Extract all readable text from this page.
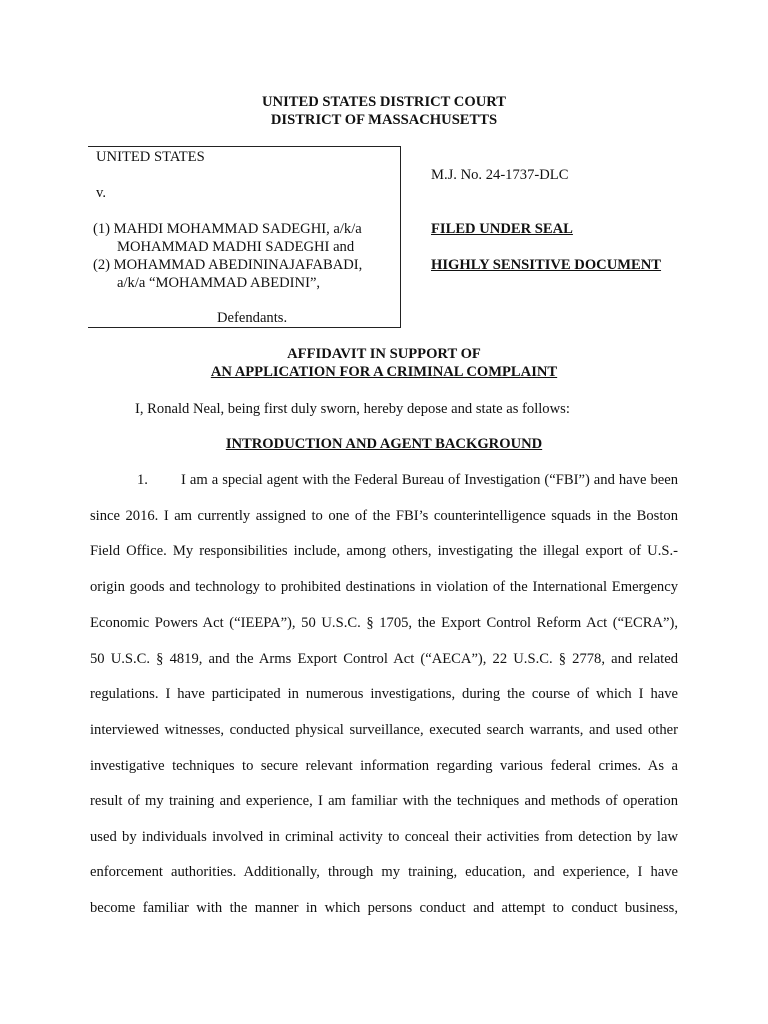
UNITED STATES DISTRICT COURT
DISTRICT OF MASSACHUSETTS
UNITED STATES
v.
(1) MAHDI MOHAMMAD SADEGHI, a/k/a
MOHAMMAD MADHI SADEGHI and
(2) MOHAMMAD ABEDININAJAFABADI,
a/k/a “MOHAMMAD ABEDINI”,
Defendants.
M.J. No. 24-1737-DLC
FILED UNDER SEAL
HIGHLY SENSITIVE DOCUMENT
AFFIDAVIT IN SUPPORT OF
AN APPLICATION FOR A CRIMINAL COMPLAINT
I, Ronald Neal, being first duly sworn, hereby depose and state as follows:
INTRODUCTION AND AGENT BACKGROUND
1. I am a special agent with the Federal Bureau of Investigation (“FBI”) and have been
since 2016. I am currently assigned to one of the FBI’s counterintelligence squads in the Boston
Field Office. My responsibilities include, among others, investigating the illegal export of U.S.-
origin goods and technology to prohibited destinations in violation of the International Emergency
Economic Powers Act (“IEEPA”), 50 U.S.C. § 1705, the Export Control Reform Act (“ECRA”),
50 U.S.C. § 4819, and the Arms Export Control Act (“AECA”), 22 U.S.C. § 2778, and related
regulations. I have participated in numerous investigations, during the course of which I have
interviewed witnesses, conducted physical surveillance, executed search warrants, and used other
investigative techniques to secure relevant information regarding various federal crimes. As a
result of my training and experience, I am familiar with the techniques and methods of operation
used by individuals involved in criminal activity to conceal their activities from detection by law
enforcement authorities. Additionally, through my training, education, and experience, I have
become familiar with the manner in which persons conduct and attempt to conduct business,
